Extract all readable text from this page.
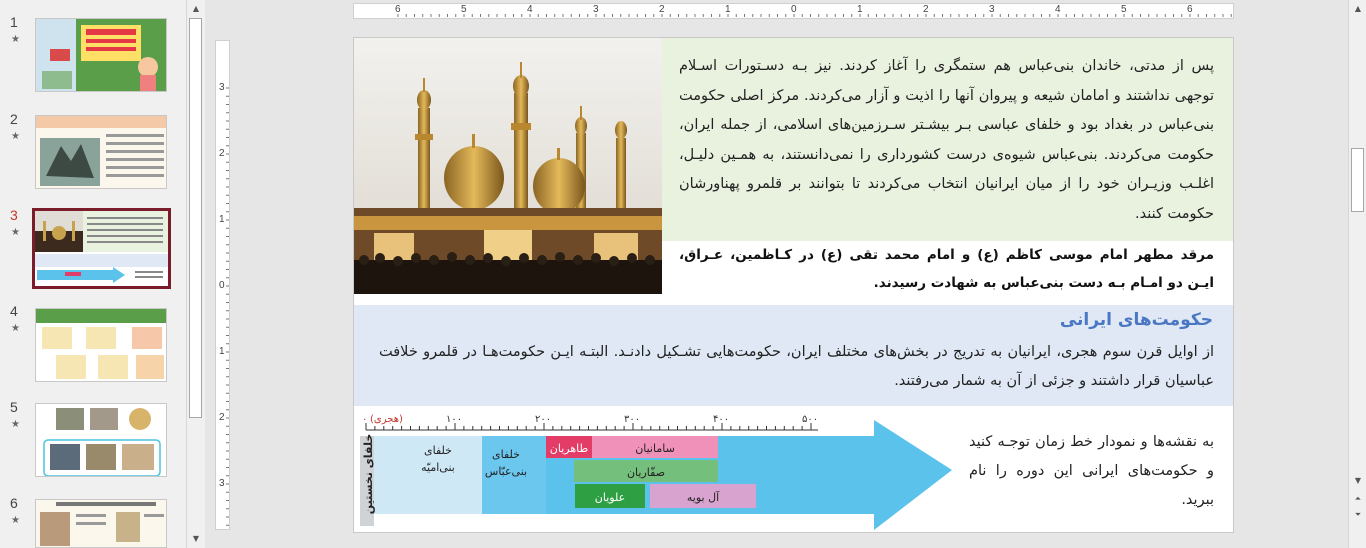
1
★
2
★
3
★
4
★
5
★
6
★
▲
▼
6	5	4	3	2	1	0	1	2	3	4	5	6
3
2
1
0
1
2
3
پس از مدتی، خاندان بنی‌عباس هم ستمگری را آغاز کردند. نیز بـه دسـتورات اسـلام توجهی نداشتند و امامان شیعه و پیروان آنها را اذیت و آزار می‌کردند. مرکز اصلی حکومت بنی‌عباس در بغداد بود و خلفای عباسی بـر بیشـتر سـرزمین‌های اسلامی، از جمله ایران، حکومت می‌کردند. بنی‌عباس شیوه‌ی درست کشورداری را نمی‌دانستند، به همـین دلیـل، اغلـب وزیـران خود را از میان ایرانیان انتخاب می‌کردند تا بتوانند بر قلمرو پهناورشان حکومت کنند.
مرقد مطهر امام موسی کاظم (ع) و امام محمد تقی (ع) در کـاظمین، عـراق، ایـن دو امـام بـه دست بنی‌عباس به شهادت رسیدند.
حکومت‌های ایرانی
از اوایل قرن سوم هجری، ایرانیان به تدریج در بخش‌های مختلف ایران، حکومت‌هایی تشـکیل دادنـد. البتـه ایـن حکومت‌هـا در قلمرو خلافت عباسیان قرار داشتند و جزئی از آن به شمار می‌رفتند.
(هجری)
۰	۱۰۰	۲۰۰	۳۰۰	۴۰۰	۵۰۰
خلفای نخستین	خلفای
بنی‌امیّه
خلفای
بنی‌عبّاس
طاهریان	سامانیان
صفّاریان
علویان	آل بویه
به نقشه‌ها و نمودار خط زمان توجـه کنید و حکومت‌های ایرانی این دوره را نام ببرید.
▲
▼
⏶
⏷
